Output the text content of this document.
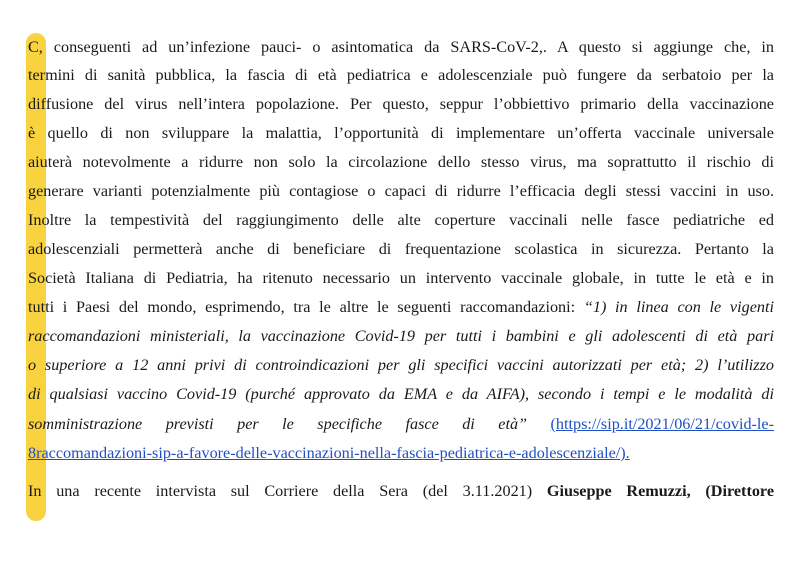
C, conseguenti ad un’infezione pauci- o asintomatica da SARS-CoV-2,. A questo si aggiunge che, in
termini di sanità pubblica, la fascia di età pediatrica e adolescenziale può fungere da serbatoio per la
diffusione del virus nell’intera popolazione. Per questo, seppur l’obbiettivo primario della vaccinazione
è quello di non sviluppare la malattia, l’opportunità di implementare un’offerta vaccinale universale
aiuterà notevolmente a ridurre non solo la circolazione dello stesso virus, ma soprattutto il rischio di
generare varianti potenzialmente più contagiose o capaci di ridurre l’efficacia degli stessi vaccini in uso.
Inoltre la tempestività del raggiungimento delle alte coperture vaccinali nelle fasce pediatriche ed
adolescenziali permetterà anche di beneficiare di frequentazione scolastica in sicurezza. Pertanto la
Società Italiana di Pediatria, ha ritenuto necessario un intervento vaccinale globale, in tutte le età e in
tutti i Paesi del mondo, esprimendo, tra le altre le seguenti raccomandazioni: “1) in linea con le vigenti
raccomandazioni ministeriali, la vaccinazione Covid-19 per tutti i bambini e gli adolescenti di età pari
o superiore a 12 anni privi di controindicazioni per gli specifici vaccini autorizzati per età; 2) l’utilizzo
di qualsiasi vaccino Covid-19 (purché approvato da EMA e da AIFA), secondo i tempi e le modalità di
somministrazione previsti per le specifiche fasce di età” (https://sip.it/2021/06/21/covid-le-
8raccomandazioni-sip-a-favore-delle-vaccinazioni-nella-fascia-pediatrica-e-adolescenziale/).
In una recente intervista sul Corriere della Sera (del 3.11.2021) Giuseppe Remuzzi, (Direttore
